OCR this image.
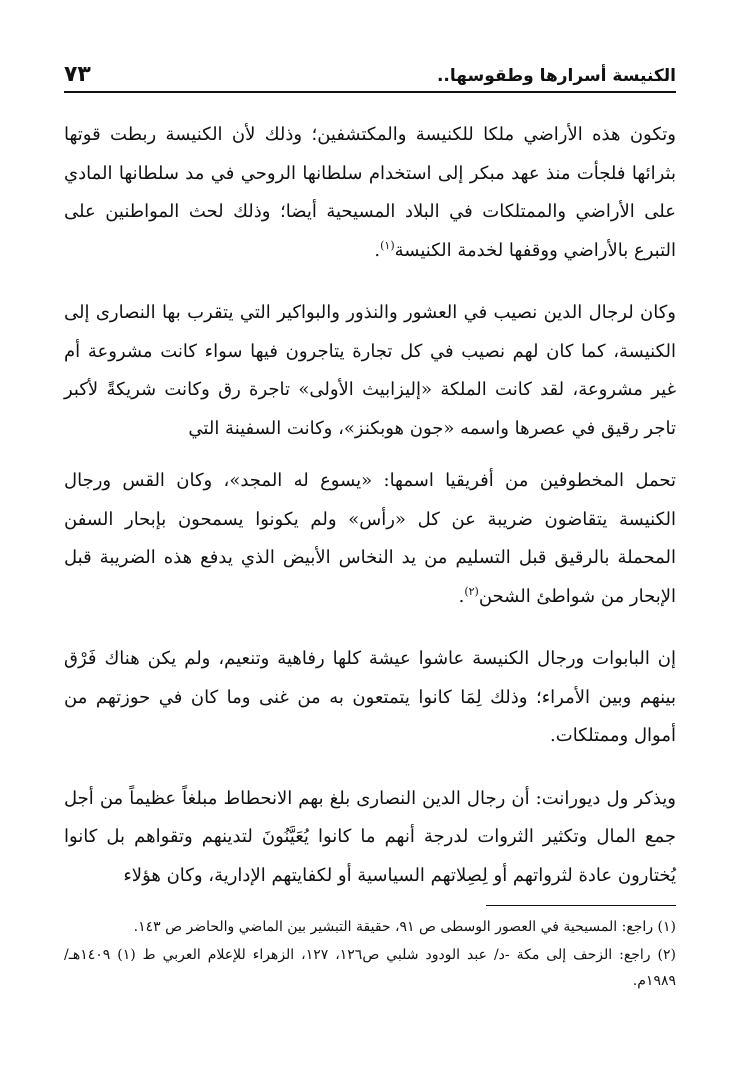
الكنيسة أسرارها وطقوسها..
٧٣

وتكون هذه الأراضي ملكا للكنيسة والمكتشفين؛ وذلك لأن الكنيسة ربطت قوتها بثرائها فلجأت منذ عهد مبكر إلى استخدام سلطانها الروحي في مد سلطانها المادي على الأراضي والممتلكات في البلاد المسيحية أيضا؛ وذلك لحث المواطنين على التبرع بالأراضي ووقفها لخدمة الكنيسة$^{(١)}$.

وكان لرجال الدين نصيب في العشور والنذور والبواكير التي يتقرب بها النصارى إلى الكنيسة، كما كان لهم نصيب في كل تجارة يتاجرون فيها سواء كانت مشروعة أم غير مشروعة، لقد كانت الملكة «إليزابيث الأولى» تاجرة رق وكانت شريكةً لأكبر تاجر رقيق في عصرها واسمه «جون هوبكنز»، وكانت السفينة التي

تحمل المخطوفين من أفريقيا اسمها: «يسوع له المجد»، وكان القس ورجال الكنيسة يتقاضون ضريبة عن كل «رأس» ولم يكونوا يسمحون بإبحار السفن المحملة بالرقيق قبل التسليم من يد النخاس الأبيض الذي يدفع هذه الضريبة قبل الإبحار من شواطئ الشحن$^{(٢)}$.

إن البابوات ورجال الكنيسة عاشوا عيشة كلها رفاهية وتنعيم، ولم يكن هناك فَرْق بينهم وبين الأمراء؛ وذلك لِمَا كانوا يتمتعون به من غنى وما كان في حوزتهم من أموال وممتلكات.

ويذكر ول ديورانت: أن رجال الدين النصارى بلغ بهم الانحطاط مبلغاً عظيماً من أجل جمع المال وتكثير الثروات لدرجة أنهم ما كانوا يُعَيَّنُونَ لتدينهم وتقواهم بل كانوا يُختارون عادة لثرواتهم أو لِصِلاتهم السياسية أو لكفايتهم الإدارية، وكان هؤلاء

(١) راجع: المسيحية في العصور الوسطى ص ٩١، حقيقة التبشير بين الماضي والحاضر ص ١٤٣.

(٢) راجع: الزحف إلى مكة -د/ عبد الودود شلبي ص١٢٦، ١٢٧، الزهراء للإعلام العربي ط (١) ١٤٠٩هـ/ ١٩٨٩م.
